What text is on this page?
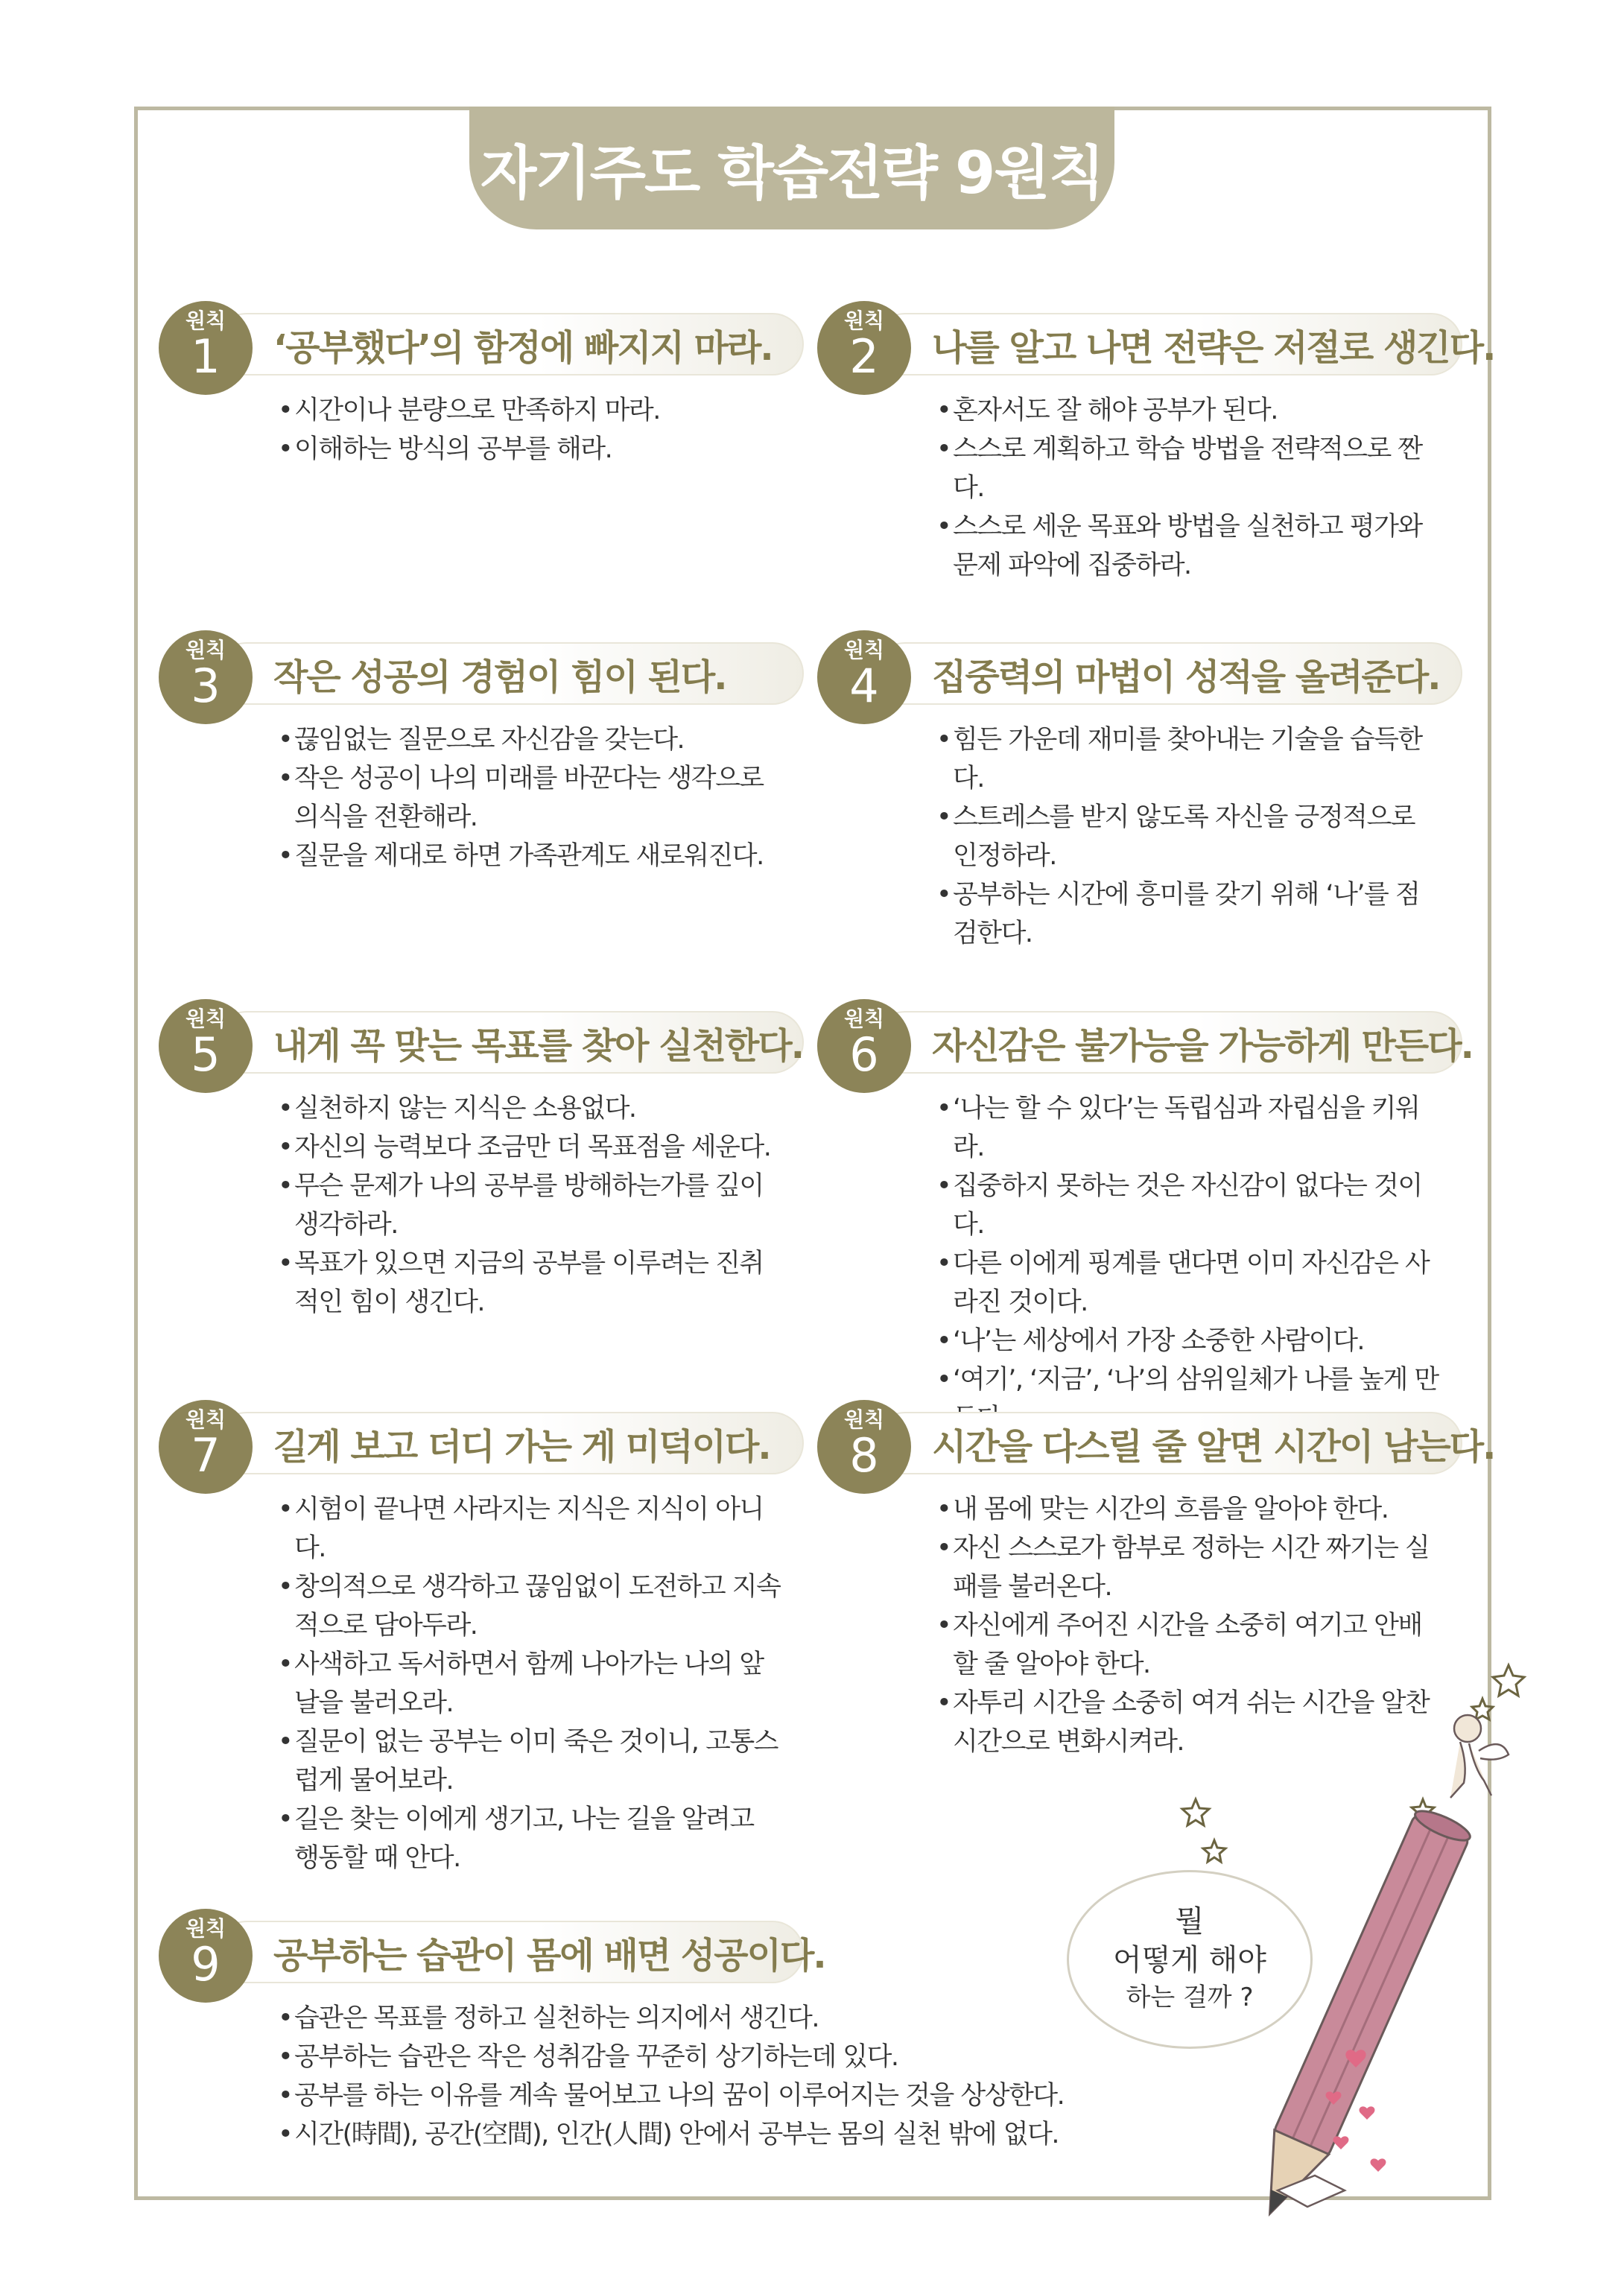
자기주도 학습전략 9원칙
‘공부했다’의 함정에 빠지지 마라.
원칙
1
• 시간이나 분량으로 만족하지 마라.
• 이해하는 방식의 공부를 해라.
나를 알고 나면 전략은 저절로 생긴다.
원칙
2
• 혼자서도 잘 해야 공부가 된다.
• 스스로 계획하고 학습 방법을 전략적으로 짠다.
• 스스로 세운 목표와 방법을 실천하고 평가와 문제 파악에 집중하라.
작은 성공의 경험이 힘이 된다.
원칙
3
• 끊임없는 질문으로 자신감을 갖는다.
• 작은 성공이 나의 미래를 바꾼다는 생각으로 의식을 전환해라.
• 질문을 제대로 하면 가족관계도 새로워진다.
집중력의 마법이 성적을 올려준다.
원칙
4
• 힘든 가운데 재미를 찾아내는 기술을 습득한다.
• 스트레스를 받지 않도록 자신을 긍정적으로 인정하라.
• 공부하는 시간에 흥미를 갖기 위해 ‘나’를 점검한다.
내게 꼭 맞는 목표를 찾아 실천한다.
원칙
5
• 실천하지 않는 지식은 소용없다.
• 자신의 능력보다 조금만 더 목표점을 세운다.
• 무슨 문제가 나의 공부를 방해하는가를 깊이 생각하라.
• 목표가 있으면 지금의 공부를 이루려는 진취적인 힘이 생긴다.
자신감은 불가능을 가능하게 만든다.
원칙
6
• ‘나는 할 수 있다’는 독립심과 자립심을 키워라.
• 집중하지 못하는 것은 자신감이 없다는 것이다.
• 다른 이에게 핑계를 댄다면 이미 자신감은 사라진 것이다.
• ‘나’는 세상에서 가장 소중한 사람이다.
• ‘여기’, ‘지금’, ‘나’의 삼위일체가 나를 높게 만
길게 보고 더디 가는 게 미덕이다.
원칙
7
• 시험이 끝나면 사라지는 지식은 지식이 아니다.
• 창의적으로 생각하고 끊임없이 도전하고 지속적으로 담아두라.
• 사색하고 독서하면서 함께 나아가는 나의 앞날을 불러오라.
• 질문이 없는 공부는 이미 죽은 것이니, 고통스럽게 물어보라.
• 길은 찾는 이에게 생기고, 나는 길을 알려고 행동할 때 안다.
시간을 다스릴 줄 알면 시간이 남는다.
원칙
8
• 내 몸에 맞는 시간의 흐름을 알아야 한다.
• 자신 스스로가 함부로 정하는 시간 짜기는 실패를 불러온다.
• 자신에게 주어진 시간을 소중히 여기고 안배할 줄 알아야 한다.
• 자투리 시간을 소중히 여겨 쉬는 시간을 알찬 시간으로 변화시켜라.
공부하는 습관이 몸에 배면 성공이다.
원칙
9
• 습관은 목표를 정하고 실천하는 의지에서 생긴다.
• 공부하는 습관은 작은 성취감을 꾸준히 상기하는데 있다.
• 공부를 하는 이유를 계속 물어보고 나의 꿈이 이루어지는 것을 상상한다.
• 시간(時間), 공간(空間), 인간(人間) 안에서 공부는 몸의 실천 밖에 없다.
뭘
어떻게 해야
하는 걸까 ?
